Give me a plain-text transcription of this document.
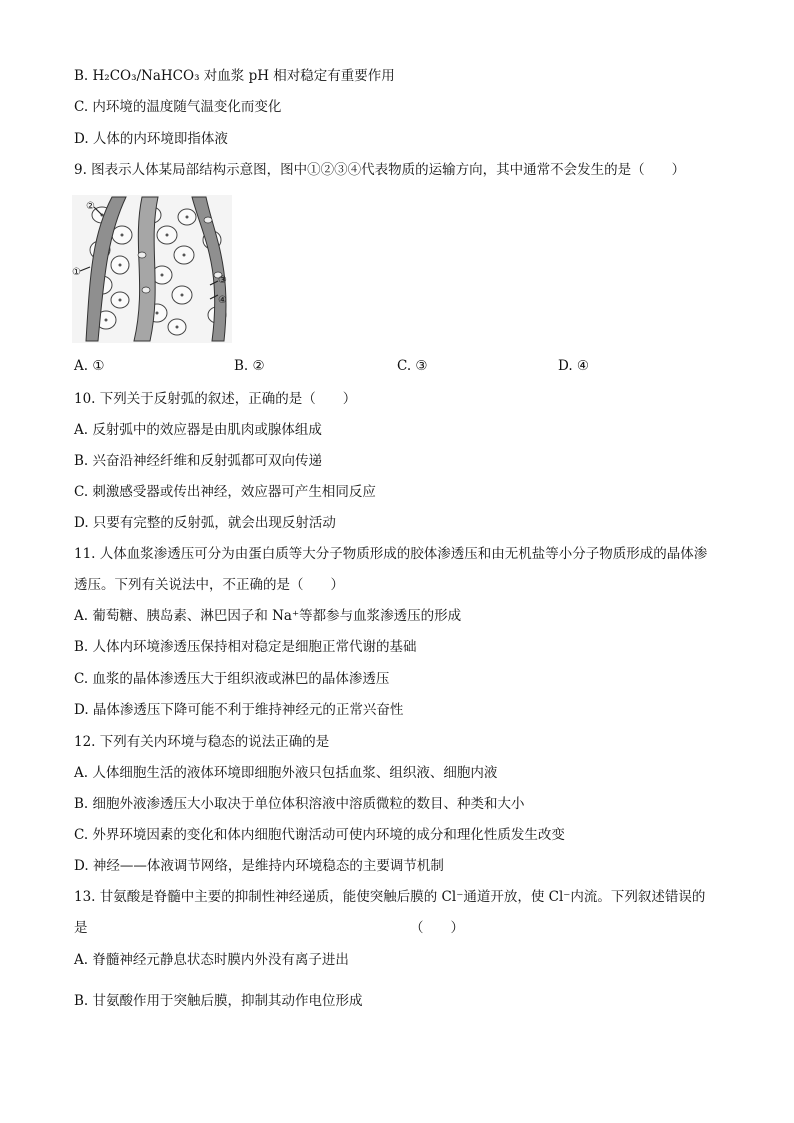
B. H₂CO₃/NaHCO₃ 对血浆 pH 相对稳定有重要作用
C. 内环境的温度随气温变化而变化
D. 人体的内环境即指体液
9. 图表示人体某局部结构示意图，图中①②③④代表物质的运输方向，其中通常不会发生的是（　　）
②
①
③
④
A. ①	B. ②	C. ③	D. ④
10. 下列关于反射弧的叙述，正确的是（　　）
A. 反射弧中的效应器是由肌肉或腺体组成
B. 兴奋沿神经纤维和反射弧都可双向传递
C. 刺激感受器或传出神经，效应器可产生相同反应
D. 只要有完整的反射弧，就会出现反射活动
11. 人体血浆渗透压可分为由蛋白质等大分子物质形成的胶体渗透压和由无机盐等小分子物质形成的晶体渗透压。下列有关说法中，不正确的是（　　）
A. 葡萄糖、胰岛素、淋巴因子和 Na⁺等都参与血浆渗透压的形成
B. 人体内环境渗透压保持相对稳定是细胞正常代谢的基础
C. 血浆的晶体渗透压大于组织液或淋巴的晶体渗透压
D. 晶体渗透压下降可能不利于维持神经元的正常兴奋性
12. 下列有关内环境与稳态的说法正确的是
A. 人体细胞生活的液体环境即细胞外液只包括血浆、组织液、细胞内液
B. 细胞外液渗透压大小取决于单位体积溶液中溶质微粒的数目、种类和大小
C. 外界环境因素的变化和体内细胞代谢活动可使内环境的成分和理化性质发生改变
D. 神经——体液调节网络，是维持内环境稳态的主要调节机制
13. 甘氨酸是脊髓中主要的抑制性神经递质，能使突触后膜的 Cl⁻通道开放，使 Cl⁻内流。下列叙述错误的
是	（　　）
A. 脊髓神经元静息状态时膜内外没有离子进出
B. 甘氨酸作用于突触后膜，抑制其动作电位形成
